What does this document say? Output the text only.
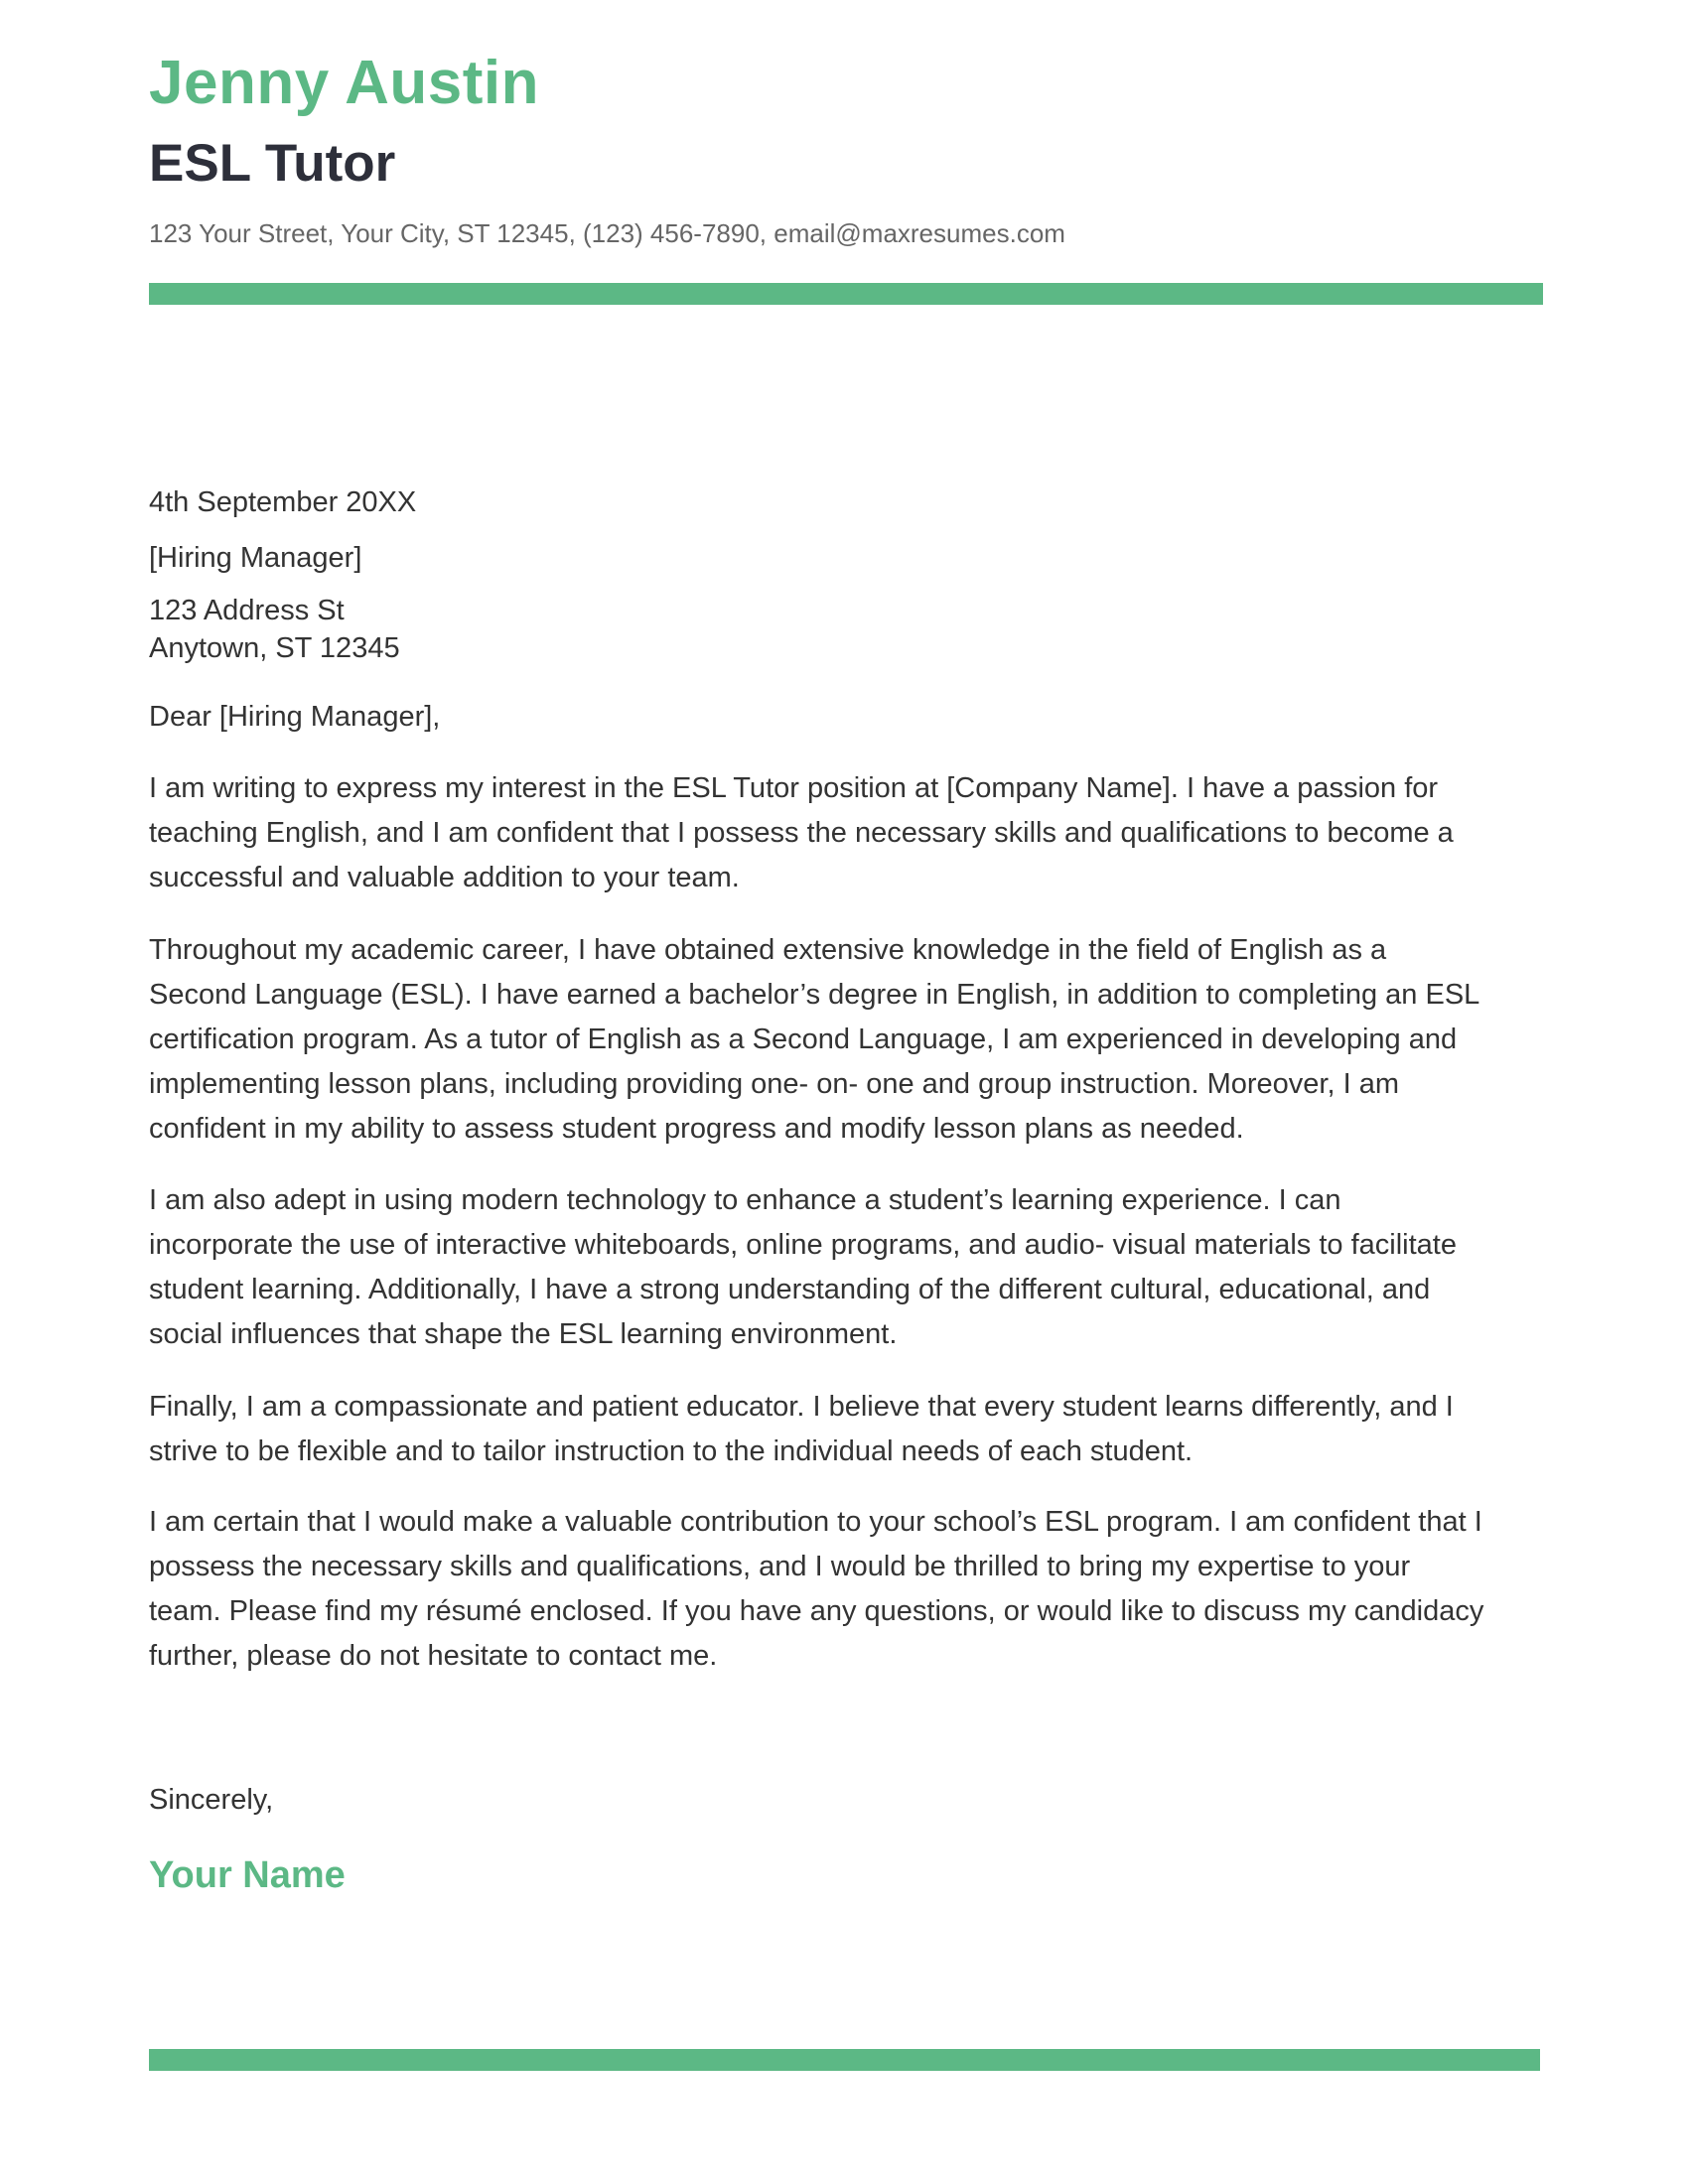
Jenny Austin
ESL Tutor
123 Your Street, Your City, ST 12345, (123) 456-7890, email@maxresumes.com
4th September 20XX
[Hiring Manager]
123 Address St
Anytown, ST 12345
Dear [Hiring Manager],

I am writing to express my interest in the ESL Tutor position at [Company Name]. I have a passion for
teaching English, and I am confident that I possess the necessary skills and qualifications to become a
successful and valuable addition to your team.

Throughout my academic career, I have obtained extensive knowledge in the field of English as a
Second Language (ESL). I have earned a bachelor’s degree in English, in addition to completing an ESL
certification program. As a tutor of English as a Second Language, I am experienced in developing and
implementing lesson plans, including providing one- on- one and group instruction. Moreover, I am
confident in my ability to assess student progress and modify lesson plans as needed.

I am also adept in using modern technology to enhance a student’s learning experience. I can
incorporate the use of interactive whiteboards, online programs, and audio- visual materials to facilitate
student learning. Additionally, I have a strong understanding of the different cultural, educational, and
social influences that shape the ESL learning environment.

Finally, I am a compassionate and patient educator. I believe that every student learns differently, and I
strive to be flexible and to tailor instruction to the individual needs of each student.

I am certain that I would make a valuable contribution to your school’s ESL program. I am confident that I
possess the necessary skills and qualifications, and I would be thrilled to bring my expertise to your
team. Please find my résumé enclosed. If you have any questions, or would like to discuss my candidacy
further, please do not hesitate to contact me.

Sincerely,
Your Name
